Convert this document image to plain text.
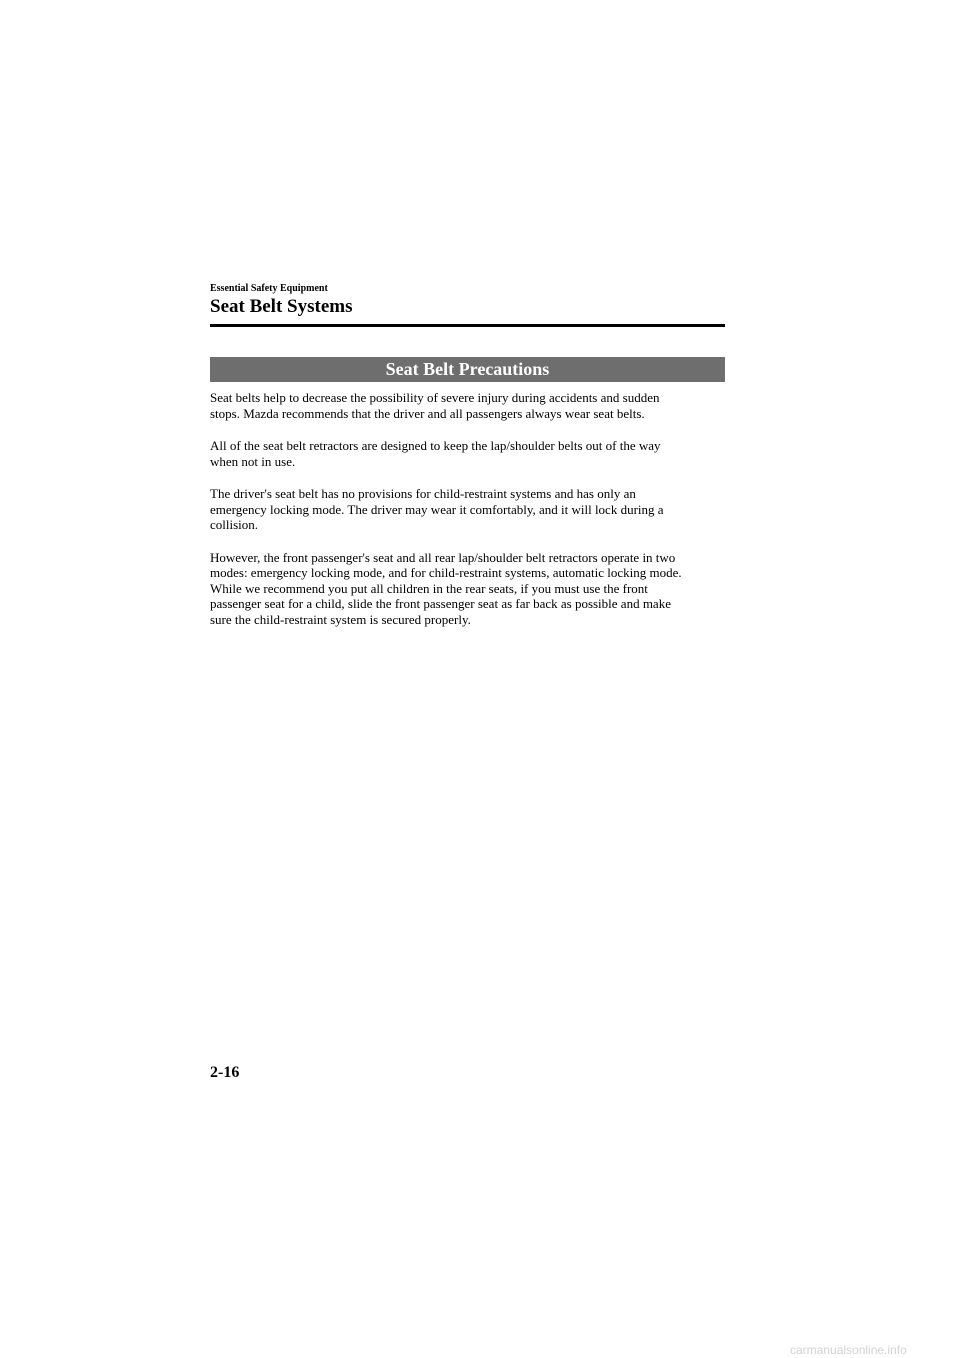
Essential Safety Equipment
Seat Belt Systems
Seat Belt Precautions

Seat belts help to decrease the possibility of severe injury during accidents and sudden
stops. Mazda recommends that the driver and all passengers always wear seat belts.

All of the seat belt retractors are designed to keep the lap/shoulder belts out of the way
when not in use.

The driver's seat belt has no provisions for child-restraint systems and has only an
emergency locking mode. The driver may wear it comfortably, and it will lock during a
collision.

However, the front passenger's seat and all rear lap/shoulder belt retractors operate in two
modes: emergency locking mode, and for child-restraint systems, automatic locking mode.
While we recommend you put all children in the rear seats, if you must use the front
passenger seat for a child, slide the front passenger seat as far back as possible and make
sure the child-restraint system is secured properly.

2-16
carmanualsonline.info
